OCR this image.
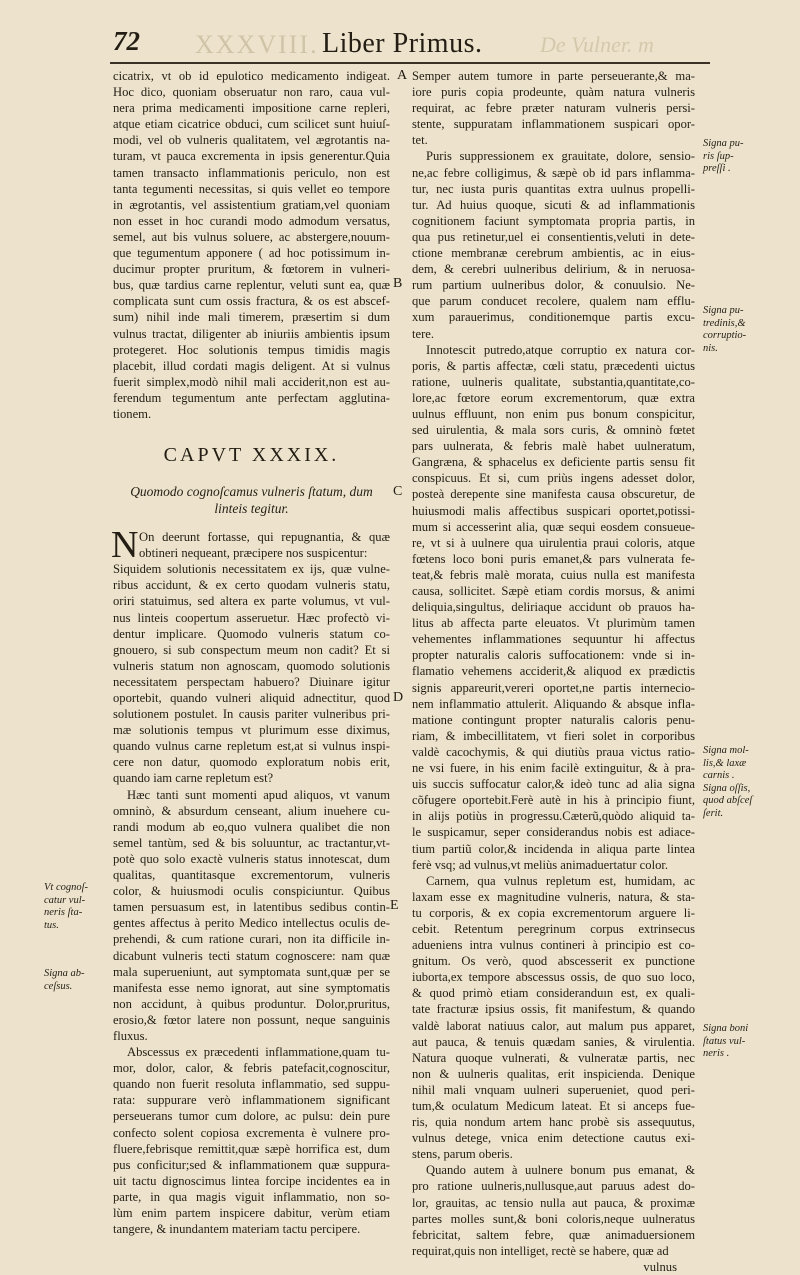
72 XXXVIII. Liber Primus.	De Vulner. m
cicatrix, vt ob id epulotico medicamento indigeat.
Hoc dico, quoniam obseruatur non raro, caua vul-
nera prima medicamenti impositione carne repleri,
atque etiam cicatrice obduci, cum scilicet sunt huiuſ-
modi, vel ob vulneris qualitatem, vel ægrotantis na-
turam, vt pauca excrementa in ipsis generentur.Quia
tamen transacto inflammationis periculo, non est
tanta tegumenti necessitas, si quis vellet eo tempore
in ægrotantis, vel assistentium gratiam,vel quoniam
non esset in hoc curandi modo admodum versatus,
semel, aut bis vulnus soluere, ac abstergere,nouum-
que tegumentum apponere ( ad hoc potissimum in-
ducimur propter pruritum, & fœtorem in vulneri-
bus, quæ tardius carne replentur, veluti sunt ea, quæ
complicata sunt cum ossis fractura, & os est abscef-
sum) nihil inde mali timerem, præsertim si dum
vulnus tractat, diligenter ab iniuriis ambientis ipsum
protegeret. Hoc solutionis tempus timidis magis
placebit, illud cordati magis deligent. At si vulnus
fuerit simplex,modò nihil mali acciderit,non est au-
ferendum tegumentum ante perfectam agglutina-
tionem.
CAPVT XXXIX.
Quomodo cognoſcamus vulneris ſtatum, dum
linteis tegitur.
N On deerunt fortasse, qui repugnantia, & quæ
obtineri nequeant, præcipere nos suspicentur:
Siquidem solutionis necessitatem ex ijs, quæ vulne-
ribus accidunt, & ex certo quodam vulneris statu,
oriri statuimus, sed altera ex parte volumus, vt vul-
nus linteis coopertum asseruetur. Hæc profectò vi-
dentur implicare. Quomodo vulneris statum co-
gnouero, si sub conspectum meum non cadit? Et si
vulneris statum non agnoscam, quomodo solutionis
necessitatem perspectam habuero? Diuinare igitur
oportebit, quando vulneri aliquid adnectitur, quod
solutionem postulet. In causis pariter vulneribus pri-
mæ solutionis tempus vt plurimum esse diximus,
quando vulnus carne repletum est,at si vulnus inspi-
cere non datur, quomodo exploratum nobis erit,
quando iam carne repletum est?
Hæc tanti sunt momenti apud aliquos, vt vanum
omninò, & absurdum censeant, alium inuehere cu-
randi modum ab eo,quo vulnera qualibet die non
semel tantùm, sed & bis soluuntur, ac tractantur,vt-
potè quo solo exactè vulneris status innotescat, dum
qualitas, quantitasque excrementorum, vulneris
color, & huiusmodi oculis conspiciuntur. Quibus
tamen persuasum est, in latentibus sedibus contin-
gentes affectus à perito Medico intellectus oculis de-
prehendi, & cum ratione curari, non ita difficile in-
dicabunt vulneris tecti statum cognoscere: nam quæ
mala superueniunt, aut symptomata sunt,quæ per se
manifesta esse nemo ignorat, aut sine symptomatis
non accidunt, à quibus produntur. Dolor,pruritus,
erosio,& fœtor latere non possunt, neque sanguinis
fluxus.
Abscessus ex præcedenti inflammatione,quam tu-
mor, dolor, calor, & febris patefacit,cognoscitur,
quando non fuerit resoluta inflammatio, sed suppu-
rata: suppurare verò inflammationem significant
perseuerans tumor cum dolore, ac pulsu: dein pure
confecto solent copiosa excrementa è vulnere pro-
fluere,febrisque remittit,quæ sæpè horrifica est, dum
pus conficitur;sed & inflammationem quæ suppura-
uit tactu dignoscimus lintea forcipe incidentes ea in
parte, in qua magis viguit inflammatio, non so-
lùm enim partem inspicere dabitur, verùm etiam
tangere, & inundantem materiam tactu percipere.
Semper autem tumore in parte perseuerante,& ma-
iore puris copia prodeunte, quàm natura vulneris
requirat, ac febre præter naturam vulneris persi-
stente, suppuratam inflammationem suspicari opor-
tet.
Puris suppressionem ex grauitate, dolore, sensio-
ne,ac febre colligimus, & sæpè ob id pars inflamma-
tur, nec iusta puris quantitas extra uulnus propelli-
tur. Ad huius quoque, sicuti & ad inflammationis
cognitionem faciunt symptomata propria partis, in
qua pus retinetur,uel ei consentientis,veluti in dete-
ctione membranæ cerebrum ambientis, ac in eius-
dem, & cerebri uulneribus delirium, & in neruosa-
rum partium uulneribus dolor, & conuulsio. Ne-
que parum conducet recolere, qualem nam efflu-
xum parauerimus, conditionemque partis excu-
tere.
Innotescit putredo,atque corruptio ex natura cor-
poris, & partis affectæ, cœli statu, præcedenti uictus
ratione, uulneris qualitate, substantia,quantitate,co-
lore,ac fœtore eorum excrementorum, quæ extra
uulnus effluunt, non enim pus bonum conspicitur,
sed uirulentia, & mala sors curis, & omninò fœtet
pars uulnerata, & febris malè habet uulneratum,
Gangræna, & sphacelus ex deficiente partis sensu fit
conspicuus. Et si, cum priùs ingens adesset dolor,
posteà derepente sine manifesta causa obscuretur, de
huiusmodi malis affectibus suspicari oportet,potissi-
mum si accesserint alia, quæ sequi eosdem consueue-
re, vt si à uulnere qua uirulentia praui coloris, atque
fœtens loco boni puris emanet,& pars vulnerata fe-
teat,& febris malè morata, cuius nulla est manifesta
causa, sollicitet. Sæpè etiam cordis morsus, & animi
deliquia,singultus, deliriaque accidunt ob prauos ha-
litus ab affecta parte eleuatos. Vt plurimùm tamen
vehementes inflammationes sequuntur hi affectus
propter naturalis caloris suffocationem: vnde si in-
flamatio vehemens acciderit,& aliquod ex prædictis
signis appareurit,vereri oportet,ne partis interneciо-
nem inflammatio attulerit. Aliquando & absque infla-
matione contingunt propter naturalis caloris penu-
riam, & imbecillitatem, vt fieri solet in corporibus
valdè cacochymis, & qui diutiùs praua victus ratio-
ne vsi fuere, in his enim facilè extinguitur, & à pra-
uis succis suffocatur calor,& ideò tunc ad alia signa
cõfugere oportebit.Ferè autè in his à principio fiunt,
in alijs potiùs in progressu.Cæterũ,quòdo aliquid ta-
le suspicamur, seper considerandus nobis est adiace-
tium partiũ color,& incidenda in aliqua parte lintea
ferè vsq; ad vulnus,vt meliùs animaduertatur color.
Carnem, qua vulnus repletum est, humidam, ac
laxam esse ex magnitudine vulneris, natura, & sta-
tu corporis, & ex copia excrementorum arguere li-
cebit. Retentum peregrinum corpus extrinsecus
adueniens intra vulnus contineri à principio est co-
gnitum. Os verò, quod abscesserit ex punctione
iuborta,ex tempore abscessus ossis, de quo suo loco,
& quod primò etiam consideranduın est, ex quali-
tate fracturæ ipsius ossis, fit manifestum, & quando
valdè laborat natiuus calor, aut malum pus apparet,
aut pauca, & tenuis quædam sanies, & virulentia.
Natura quoque vulnerati, & vulneratæ partis, nec
non & uulneris qualitas, erit inspicienda. Denique
nihil mali vnquam uulneri superueniet, quod peri-
tum,& oculatum Medicum lateat. Et si anceps fue-
ris, quia nondum artem hanc probè sis assequutus,
vulnus detege, vnica enim detectione cautus exi-
stens, parum oberis.
Quando autem à uulnere bonum pus emanat, &
pro ratione uulneris,nullusque,aut paruus adest do-
lor, grauitas, ac tensio nulla aut pauca, & proximæ
partes molles sunt,& boni coloris,neque uulneratus
febricitat, saltem febre, quæ animaduersionem
requirat,quis non intelliget, rectè se habere, quæ ad
vulnus
A
B
C
D
E
Vt cognoſ-
catur vul-
neris ſta-
tus.
Signa ab-
ceſsus.
Signa pu-
ris ſup-
preſſi .
Signa pu-
tredinis,&
corruptio-
nis.
Signa mol-
lis,& laxæ
carnis .
Signa oſſis,
quod abſceſ
ſerit.
Signa boni
ſtatus vul-
neris .
